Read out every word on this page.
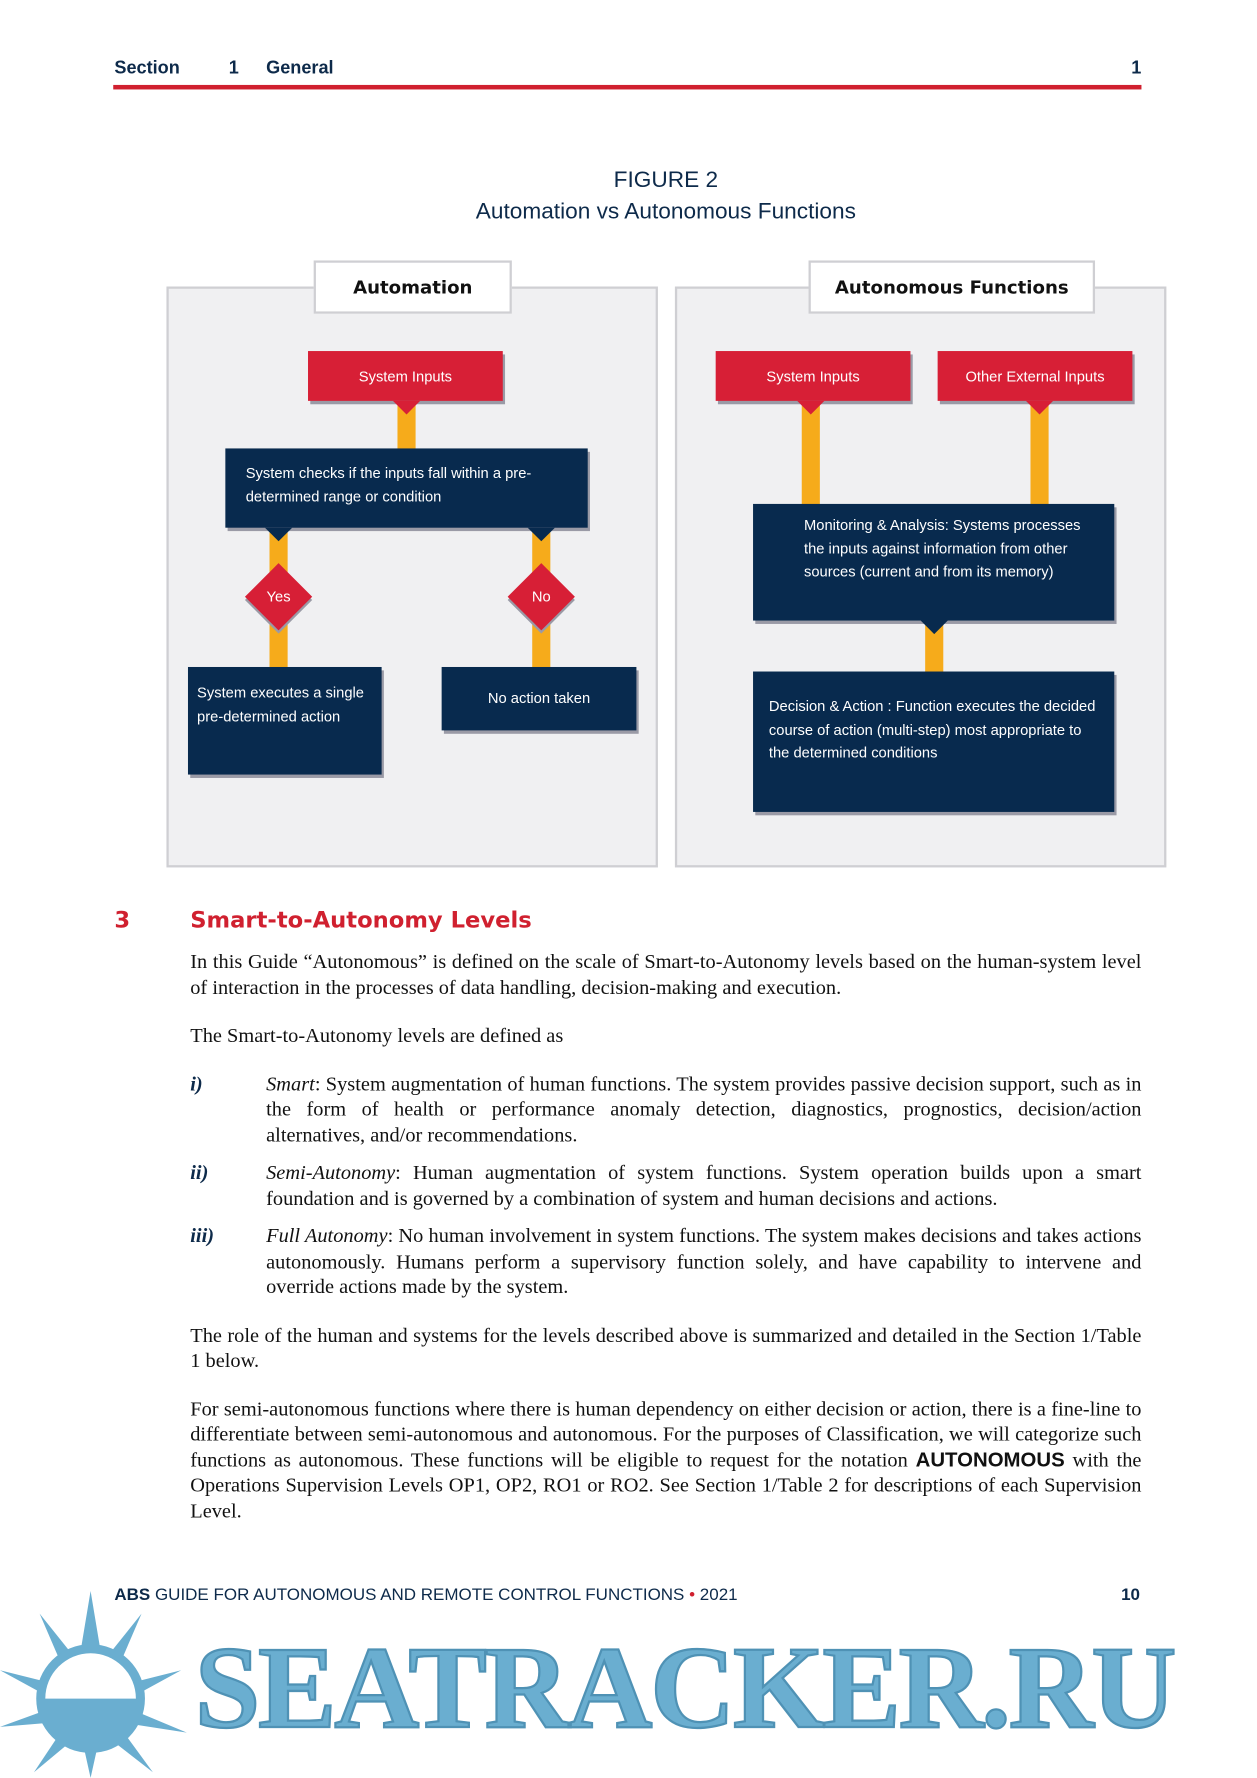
Section	1 General	1
FIGURE 2
Automation vs Autonomous Functions
Automation
System Inputs
System checks if the inputs fall within a pre-determined range or condition
Yes	No
System executes a single pre-determined action
No action taken
Autonomous Functions
System Inputs	Other External Inputs
Monitoring & Analysis: Systems processes the inputs against information from other sources (current and from its memory)
Decision & Action : Function executes the decided course of action (multi-step) most appropriate to the determined conditions
3	Smart-to-Autonomy Levels

In this Guide “Autonomous” is defined on the scale of Smart-to-Autonomy levels based on the human-system level of interaction in the processes of data handling, decision-making and execution.

The Smart-to-Autonomy levels are defined as

i)	Smart: System augmentation of human functions. The system provides passive decision support, such as in the form of health or performance anomaly detection, diagnostics, prognostics, decision/action alternatives, and/or recommendations.
ii)	Semi-Autonomy: Human augmentation of system functions. System operation builds upon a smart foundation and is governed by a combination of system and human decisions and actions.
iii)	Full Autonomy: No human involvement in system functions. The system makes decisions and takes actions autonomously. Humans perform a supervisory function solely, and have capability to intervene and override actions made by the system.

The role of the human and systems for the levels described above is summarized and detailed in the Section 1/Table 1 below.

For semi-autonomous functions where there is human dependency on either decision or action, there is a fine-line to differentiate between semi-autonomous and autonomous. For the purposes of Classification, we will categorize such functions as autonomous. These functions will be eligible to request for the notation AUTONOMOUS with the Operations Supervision Levels OP1, OP2, RO1 or RO2. See Section 1/Table 2 for descriptions of each Supervision Level.

ABS GUIDE FOR AUTONOMOUS AND REMOTE CONTROL FUNCTIONS • 2021	10
SEATRACKER.RU
